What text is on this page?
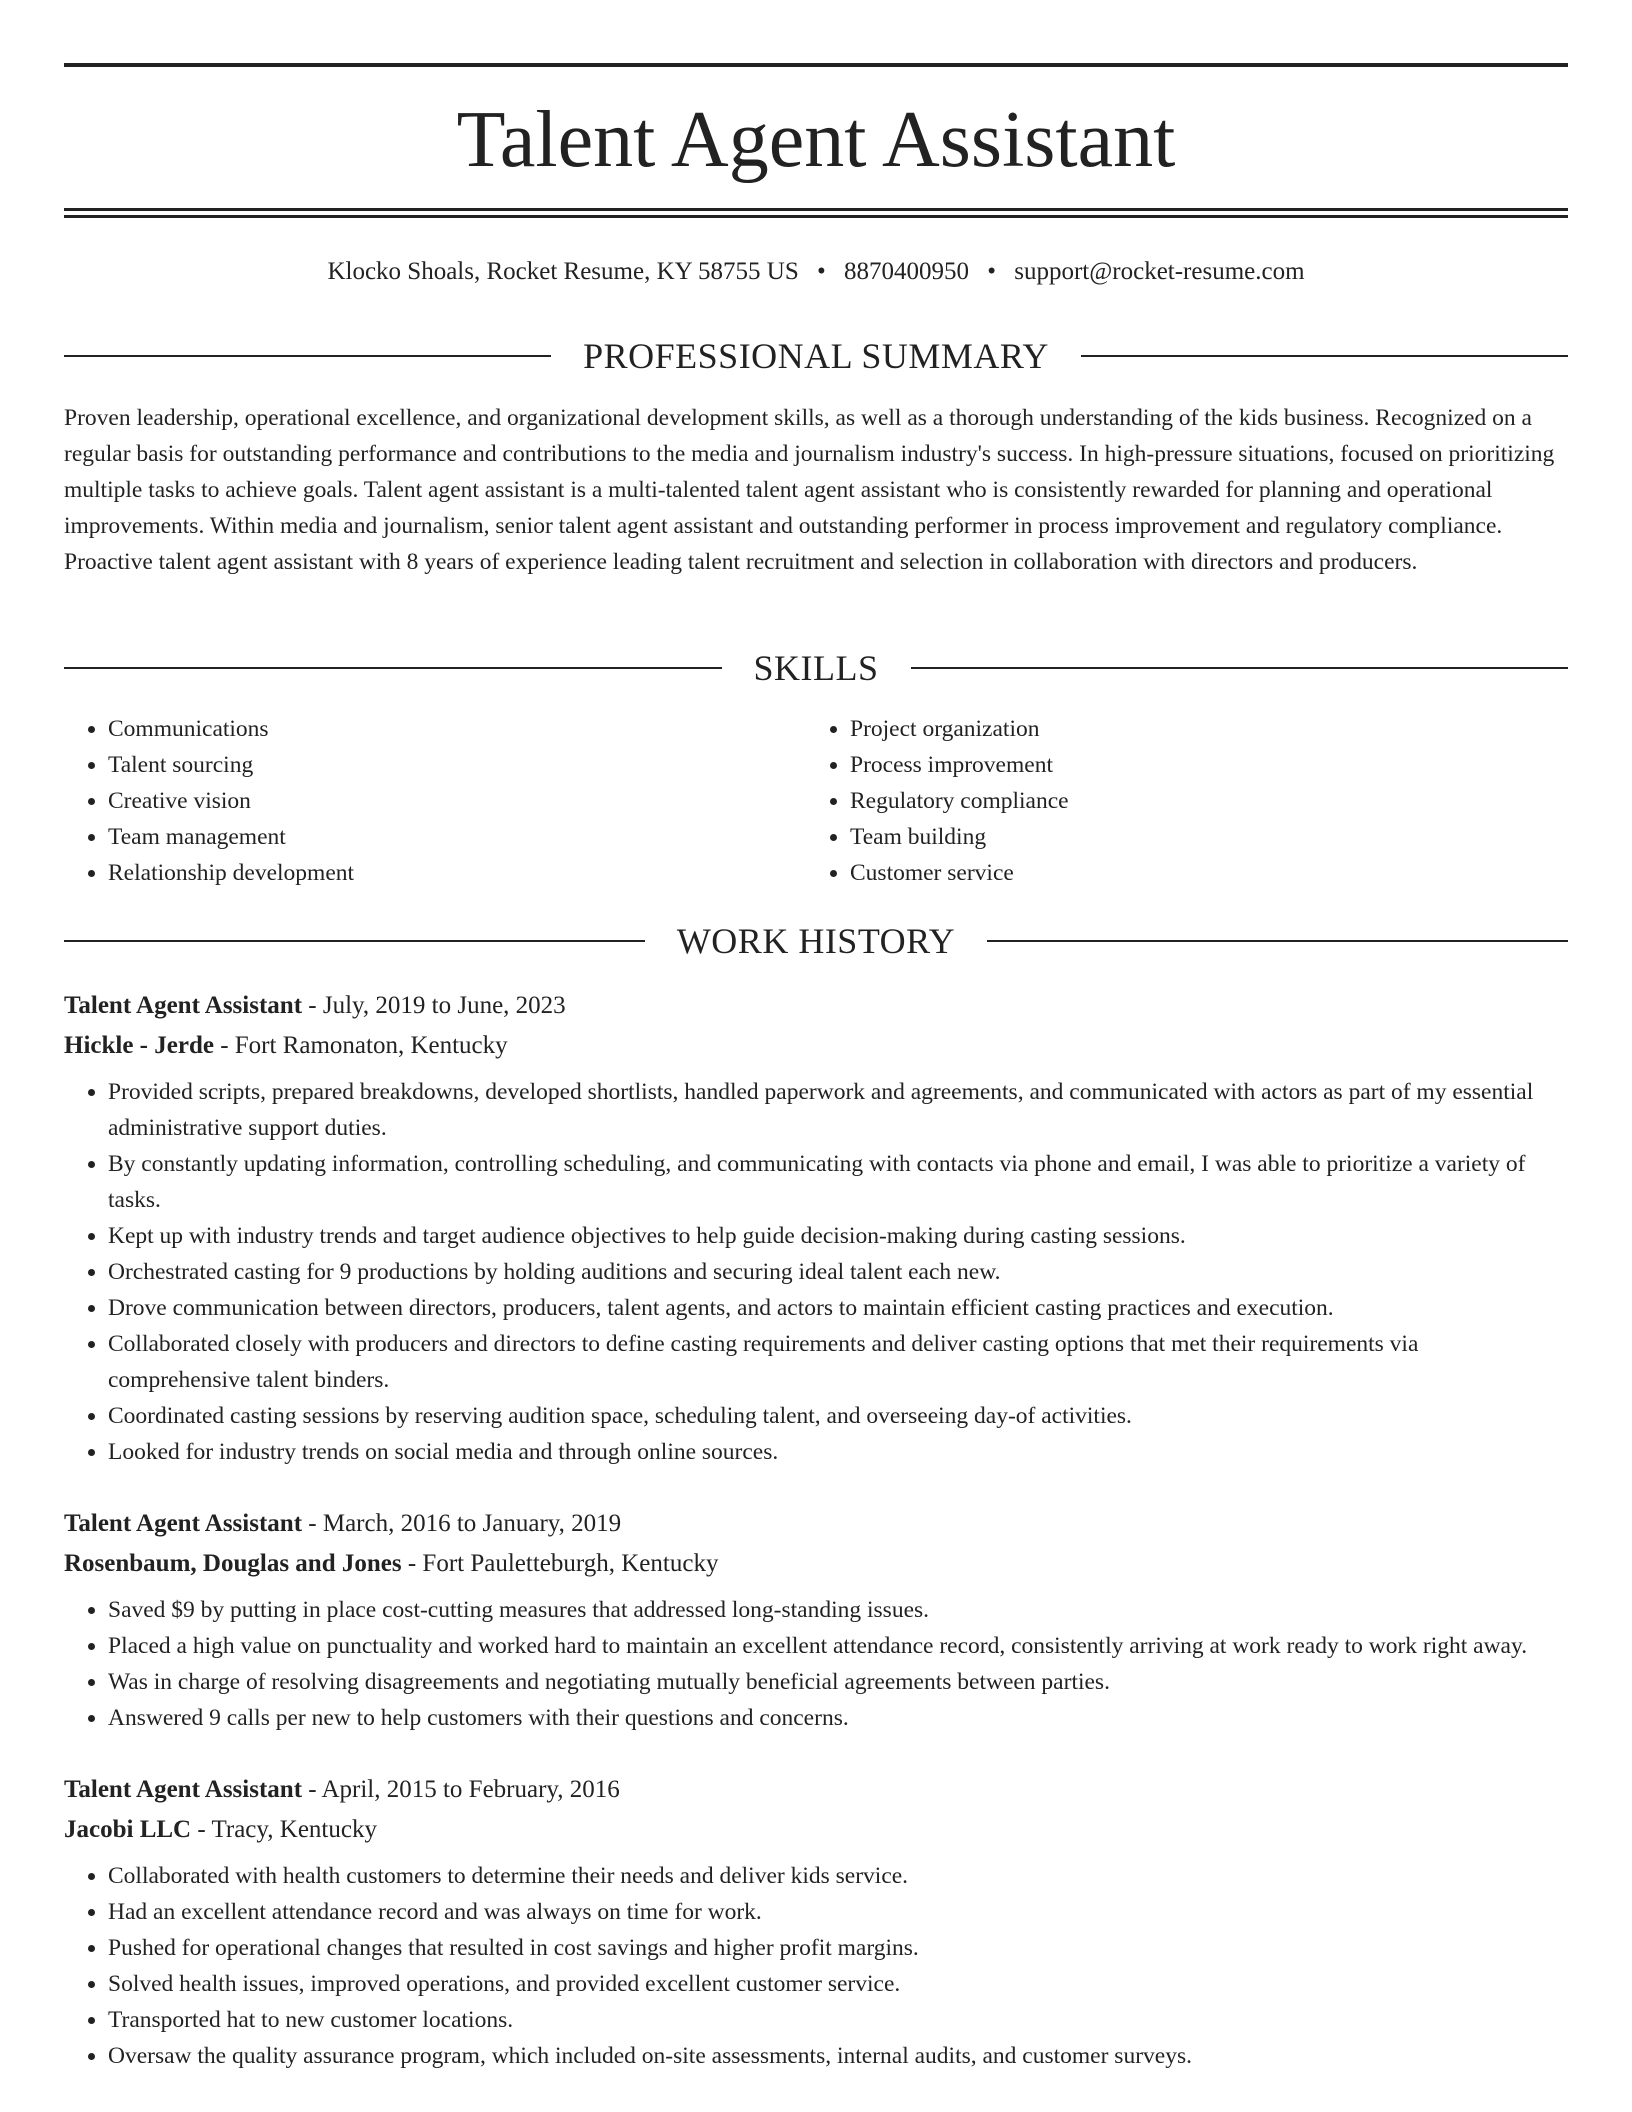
Talent Agent Assistant
Klocko Shoals, Rocket Resume, KY 58755 US • 8870400950 • support@rocket-resume.com
PROFESSIONAL SUMMARY

Proven leadership, operational excellence, and organizational development skills, as well as a thorough understanding of the kids business. Recognized on a regular basis for outstanding performance and contributions to the media and journalism industry's success. In high-pressure situations, focused on prioritizing multiple tasks to achieve goals. Talent agent assistant is a multi-talented talent agent assistant who is consistently rewarded for planning and operational improvements. Within media and journalism, senior talent agent assistant and outstanding performer in process improvement and regulatory compliance. Proactive talent agent assistant with 8 years of experience leading talent recruitment and selection in collaboration with directors and producers.

SKILLS
• Communications
• Talent sourcing
• Creative vision
• Team management
• Relationship development
• Project organization
• Process improvement
• Regulatory compliance
• Team building
• Customer service
WORK HISTORY
Talent Agent Assistant - July, 2019 to June, 2023
Hickle - Jerde - Fort Ramonaton, Kentucky
• Provided scripts, prepared breakdowns, developed shortlists, handled paperwork and agreements, and communicated with actors as part of my essential administrative support duties.
• By constantly updating information, controlling scheduling, and communicating with contacts via phone and email, I was able to prioritize a variety of tasks.
• Kept up with industry trends and target audience objectives to help guide decision-making during casting sessions.
• Orchestrated casting for 9 productions by holding auditions and securing ideal talent each new.
• Drove communication between directors, producers, talent agents, and actors to maintain efficient casting practices and execution.
• Collaborated closely with producers and directors to define casting requirements and deliver casting options that met their requirements via comprehensive talent binders.
• Coordinated casting sessions by reserving audition space, scheduling talent, and overseeing day-of activities.
• Looked for industry trends on social media and through online sources.
Talent Agent Assistant - March, 2016 to January, 2019
Rosenbaum, Douglas and Jones - Fort Pauletteburgh, Kentucky
• Saved $9 by putting in place cost-cutting measures that addressed long-standing issues.
• Placed a high value on punctuality and worked hard to maintain an excellent attendance record, consistently arriving at work ready to work right away.
• Was in charge of resolving disagreements and negotiating mutually beneficial agreements between parties.
• Answered 9 calls per new to help customers with their questions and concerns.
Talent Agent Assistant - April, 2015 to February, 2016
Jacobi LLC - Tracy, Kentucky
• Collaborated with health customers to determine their needs and deliver kids service.
• Had an excellent attendance record and was always on time for work.
• Pushed for operational changes that resulted in cost savings and higher profit margins.
• Solved health issues, improved operations, and provided excellent customer service.
• Transported hat to new customer locations.
• Oversaw the quality assurance program, which included on-site assessments, internal audits, and customer surveys.
